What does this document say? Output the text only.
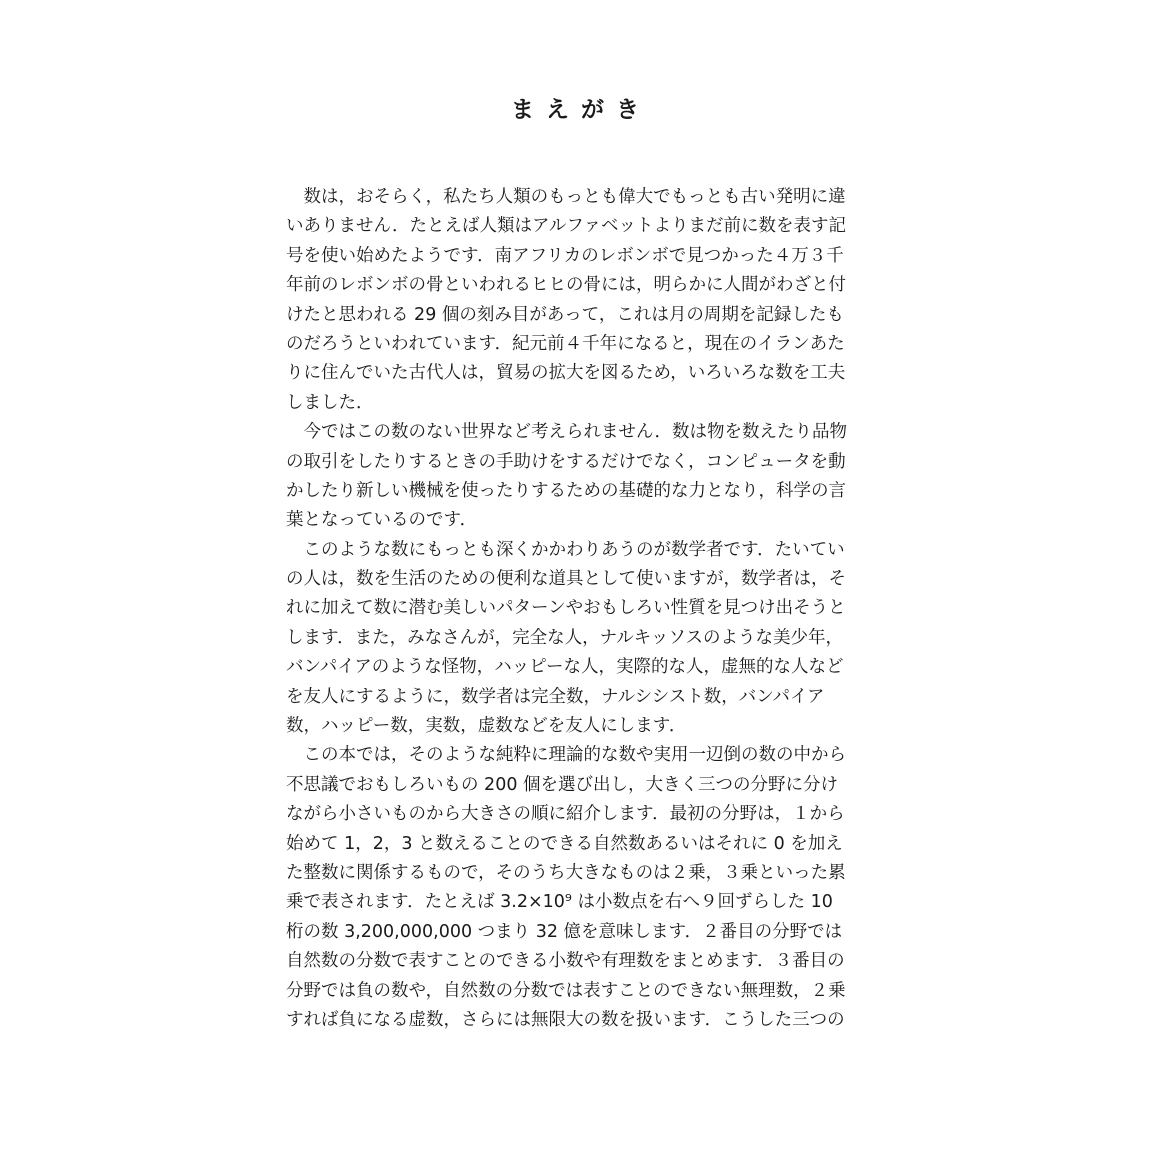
まえがき
　数は，おそらく，私たち人類のもっとも偉大でもっとも古い発明に違
いありません．たとえば人類はアルファベットよりまだ前に数を表す記
号を使い始めたようです．南アフリカのレボンボで見つかった４万３千
年前のレボンボの骨といわれるヒヒの骨には，明らかに人間がわざと付
けたと思われる 29 個の刻み目があって，これは月の周期を記録したも
のだろうといわれています．紀元前４千年になると，現在のイランあた
りに住んでいた古代人は，貿易の拡大を図るため，いろいろな数を工夫
しました．
　今ではこの数のない世界など考えられません．数は物を数えたり品物
の取引をしたりするときの手助けをするだけでなく，コンピュータを動
かしたり新しい機械を使ったりするための基礎的な力となり，科学の言
葉となっているのです．
　このような数にもっとも深くかかわりあうのが数学者です．たいてい
の人は，数を生活のための便利な道具として使いますが，数学者は，そ
れに加えて数に潜む美しいパターンやおもしろい性質を見つけ出そうと
します．また，みなさんが，完全な人，ナルキッソスのような美少年，
バンパイアのような怪物，ハッピーな人，実際的な人，虚無的な人など
を友人にするように，数学者は完全数，ナルシシスト数，バンパイア
数，ハッピー数，実数，虚数などを友人にします．
　この本では，そのような純粋に理論的な数や実用一辺倒の数の中から
不思議でおもしろいもの 200 個を選び出し，大きく三つの分野に分け
ながら小さいものから大きさの順に紹介します．最初の分野は，１から
始めて 1，2，3 と数えることのできる自然数あるいはそれに 0 を加え
た整数に関係するもので，そのうち大きなものは２乗，３乗といった累
乗で表されます．たとえば 3.2×10⁹ は小数点を右へ９回ずらした 10
桁の数 3,200,000,000 つまり 32 億を意味します．２番目の分野では
自然数の分数で表すことのできる小数や有理数をまとめます．３番目の
分野では負の数や，自然数の分数では表すことのできない無理数，２乗
すれば負になる虚数，さらには無限大の数を扱います．こうした三つの
